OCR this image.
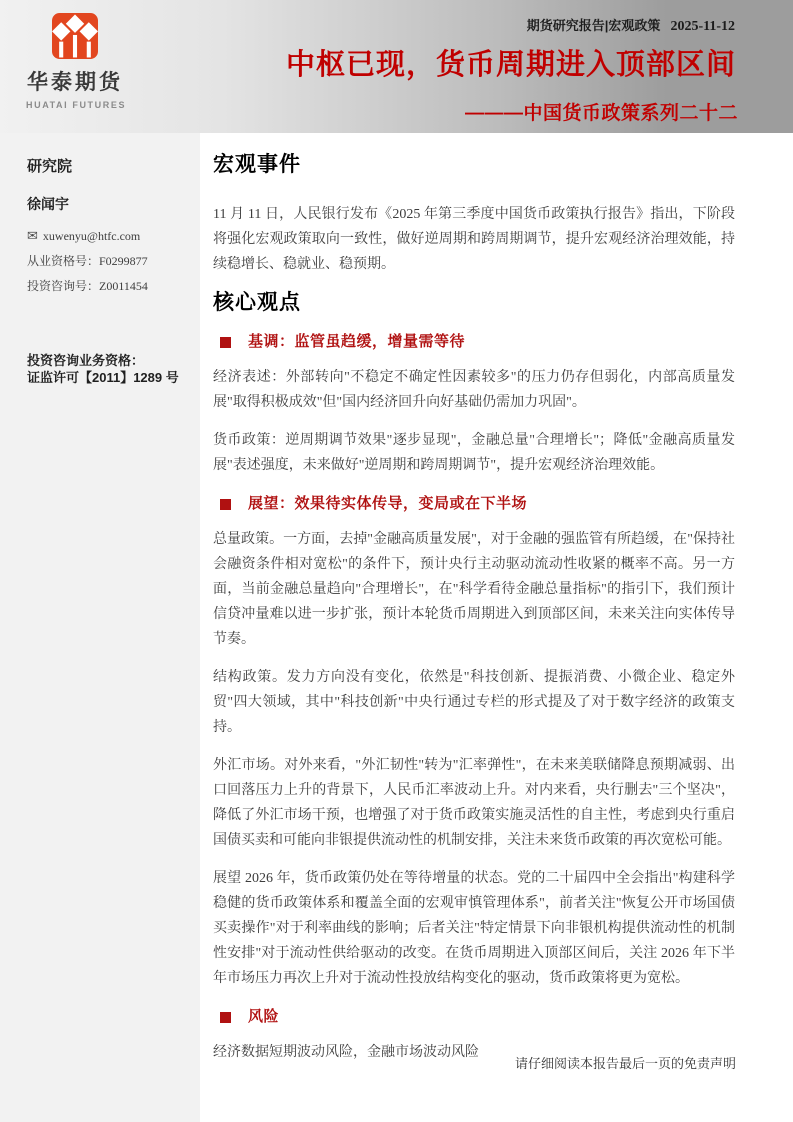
华泰期货
HUATAI FUTURES
期货研究报告|宏观政策 2025-11-12
中枢已现，货币周期进入顶部区间
———中国货币政策系列二十二
研究院
徐闻宇
✉ xuwenyu@htfc.com
从业资格号：F0299877
投资咨询号：Z0011454
投资咨询业务资格：
证监许可【2011】1289 号
宏观事件

11 月 11 日，人民银行发布《2025 年第三季度中国货币政策执行报告》指出，下阶段将强化宏观政策取向一致性，做好逆周期和跨周期调节，提升宏观经济治理效能，持续稳增长、稳就业、稳预期。

核心观点
基调：监管虽趋缓，增量需等待

经济表述：外部转向"不稳定不确定性因素较多"的压力仍存但弱化，内部高质量发展"取得积极成效"但"国内经济回升向好基础仍需加力巩固"。

货币政策：逆周期调节效果"逐步显现"，金融总量"合理增长"；降低"金融高质量发展"表述强度，未来做好"逆周期和跨周期调节"，提升宏观经济治理效能。

展望：效果待实体传导，变局或在下半场

总量政策。一方面，去掉"金融高质量发展"，对于金融的强监管有所趋缓，在"保持社会融资条件相对宽松"的条件下，预计央行主动驱动流动性收紧的概率不高。另一方面，当前金融总量趋向"合理增长"，在"科学看待金融总量指标"的指引下，我们预计信贷冲量难以进一步扩张，预计本轮货币周期进入到顶部区间，未来关注向实体传导节奏。

结构政策。发力方向没有变化，依然是"科技创新、提振消费、小微企业、稳定外贸"四大领域，其中"科技创新"中央行通过专栏的形式提及了对于数字经济的政策支持。

外汇市场。对外来看，"外汇韧性"转为"汇率弹性"，在未来美联储降息预期减弱、出口回落压力上升的背景下，人民币汇率波动上升。对内来看，央行删去"三个坚决"，降低了外汇市场干预，也增强了对于货币政策实施灵活性的自主性，考虑到央行重启国债买卖和可能向非银提供流动性的机制安排，关注未来货币政策的再次宽松可能。

展望 2026 年，货币政策仍处在等待增量的状态。党的二十届四中全会指出"构建科学稳健的货币政策体系和覆盖全面的宏观审慎管理体系"，前者关注"恢复公开市场国债买卖操作"对于利率曲线的影响；后者关注"特定情景下向非银机构提供流动性的机制性安排"对于流动性供给驱动的改变。在货币周期进入顶部区间后，关注 2026 年下半年市场压力再次上升对于流动性投放结构变化的驱动，货币政策将更为宽松。

风险

经济数据短期波动风险，金融市场波动风险

请仔细阅读本报告最后一页的免责声明
